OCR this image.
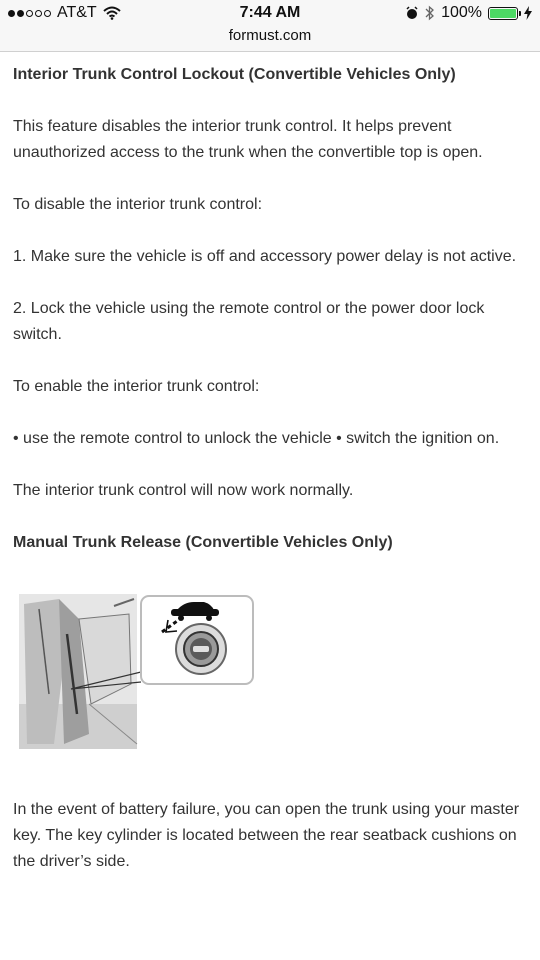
AT&T	7:44 AM	100%
formust.com

Interior Trunk Control Lockout (Convertible Vehicles Only)

This feature disables the interior trunk control. It helps prevent unauthorized access to the trunk when the convertible top is open.

To disable the interior trunk control:

1. Make sure the vehicle is off and accessory power delay is not active.

2. Lock the vehicle using the remote control or the power door lock switch.

To enable the interior trunk control:

• use the remote control to unlock the vehicle • switch the ignition on.

The interior trunk control will now work normally.

Manual Trunk Release (Convertible Vehicles Only)

In the event of battery failure, you can open the trunk using your master key. The key cylinder is located between the rear seatback cushions on the driver’s side.
